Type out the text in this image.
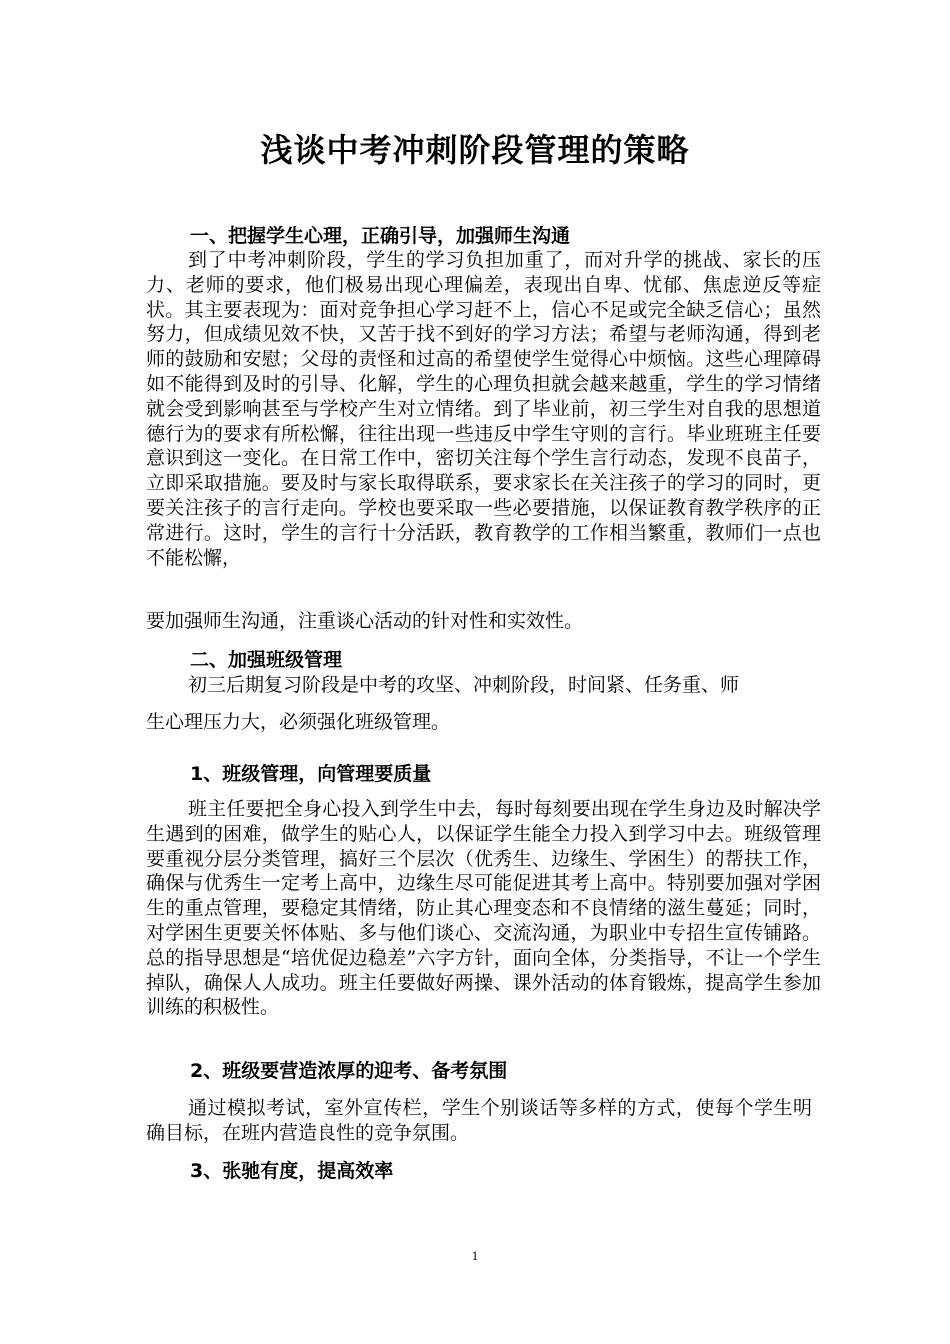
浅谈中考冲刺阶段管理的策略
一、把握学生心理，正确引导，加强师生沟通
到了中考冲刺阶段，学生的学习负担加重了，而对升学的挑战、家长的压力、老师的要求，他们极易出现心理偏差，表现出自卑、忧郁、焦虑逆反等症状。其主要表现为：面对竞争担心学习赶不上，信心不足或完全缺乏信心；虽然努力，但成绩见效不快，又苦于找不到好的学习方法；希望与老师沟通，得到老师的鼓励和安慰；父母的责怪和过高的希望使学生觉得心中烦恼。这些心理障碍如不能得到及时的引导、化解，学生的心理负担就会越来越重，学生的学习情绪就会受到影响甚至与学校产生对立情绪。到了毕业前，初三学生对自我的思想道德行为的要求有所松懈，往往出现一些违反中学生守则的言行。毕业班班主任要意识到这一变化。在日常工作中，密切关注每个学生言行动态，发现不良苗子，立即采取措施。要及时与家长取得联系，要求家长在关注孩子的学习的同时，更要关注孩子的言行走向。学校也要采取一些必要措施，以保证教育教学秩序的正常进行。这时，学生的言行十分活跃，教育教学的工作相当繁重，教师们一点也不能松懈，
要加强师生沟通，注重谈心活动的针对性和实效性。
二、加强班级管理
初三后期复习阶段是中考的攻坚、冲刺阶段，时间紧、任务重、师
生心理压力大，必须强化班级管理。
1、班级管理，向管理要质量
班主任要把全身心投入到学生中去，每时每刻要出现在学生身边及时解决学生遇到的困难，做学生的贴心人，以保证学生能全力投入到学习中去。班级管理要重视分层分类管理，搞好三个层次（优秀生、边缘生、学困生）的帮扶工作，确保与优秀生一定考上高中，边缘生尽可能促进其考上高中。特别要加强对学困生的重点管理，要稳定其情绪，防止其心理变态和不良情绪的滋生蔓延；同时，对学困生更要关怀体贴、多与他们谈心、交流沟通，为职业中专招生宣传铺路。总的指导思想是“培优促边稳差”六字方针，面向全体，分类指导，不让一个学生掉队，确保人人成功。班主任要做好两操、课外活动的体育锻炼，提高学生参加训练的积极性。
2、班级要营造浓厚的迎考、备考氛围
通过模拟考试，室外宣传栏，学生个别谈话等多样的方式，使每个学生明确目标，在班内营造良性的竞争氛围。
3、张驰有度，提高效率
1
